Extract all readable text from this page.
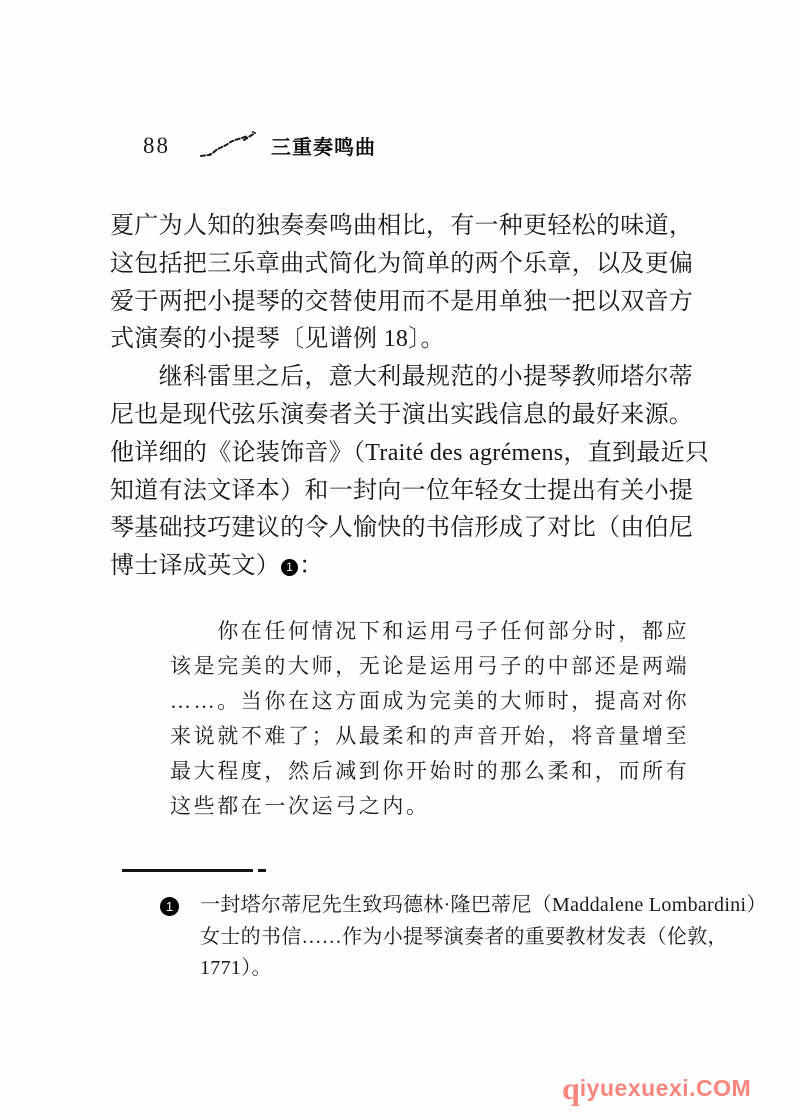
88	三重奏鸣曲
夏广为人知的独奏奏鸣曲相比，有一种更轻松的味道，
这包括把三乐章曲式简化为简单的两个乐章，以及更偏
爱于两把小提琴的交替使用而不是用单独一把以双音方
式演奏的小提琴〔见谱例 18〕。
　　继科雷里之后，意大利最规范的小提琴教师塔尔蒂
尼也是现代弦乐演奏者关于演出实践信息的最好来源。
他详细的《论装饰音》（Traité des agrémens，直到最近只
知道有法文译本）和一封向一位年轻女士提出有关小提
琴基础技巧建议的令人愉快的书信形成了对比（由伯尼
博士译成英文） 1 ：
　　你在任何情况下和运用弓子任何部分时，都应
该是完美的大师，无论是运用弓子的中部还是两端
……。当你在这方面成为完美的大师时，提高对你
来说就不难了；从最柔和的声音开始，将音量增至
最大程度，然后减到你开始时的那么柔和，而所有
这些都在一次运弓之内。
1 一封塔尔蒂尼先生致玛德林·隆巴蒂尼（Maddalene Lombardini）
女士的书信……作为小提琴演奏者的重要教材发表（伦敦，
1771）。
qiyuexuexi.COM
